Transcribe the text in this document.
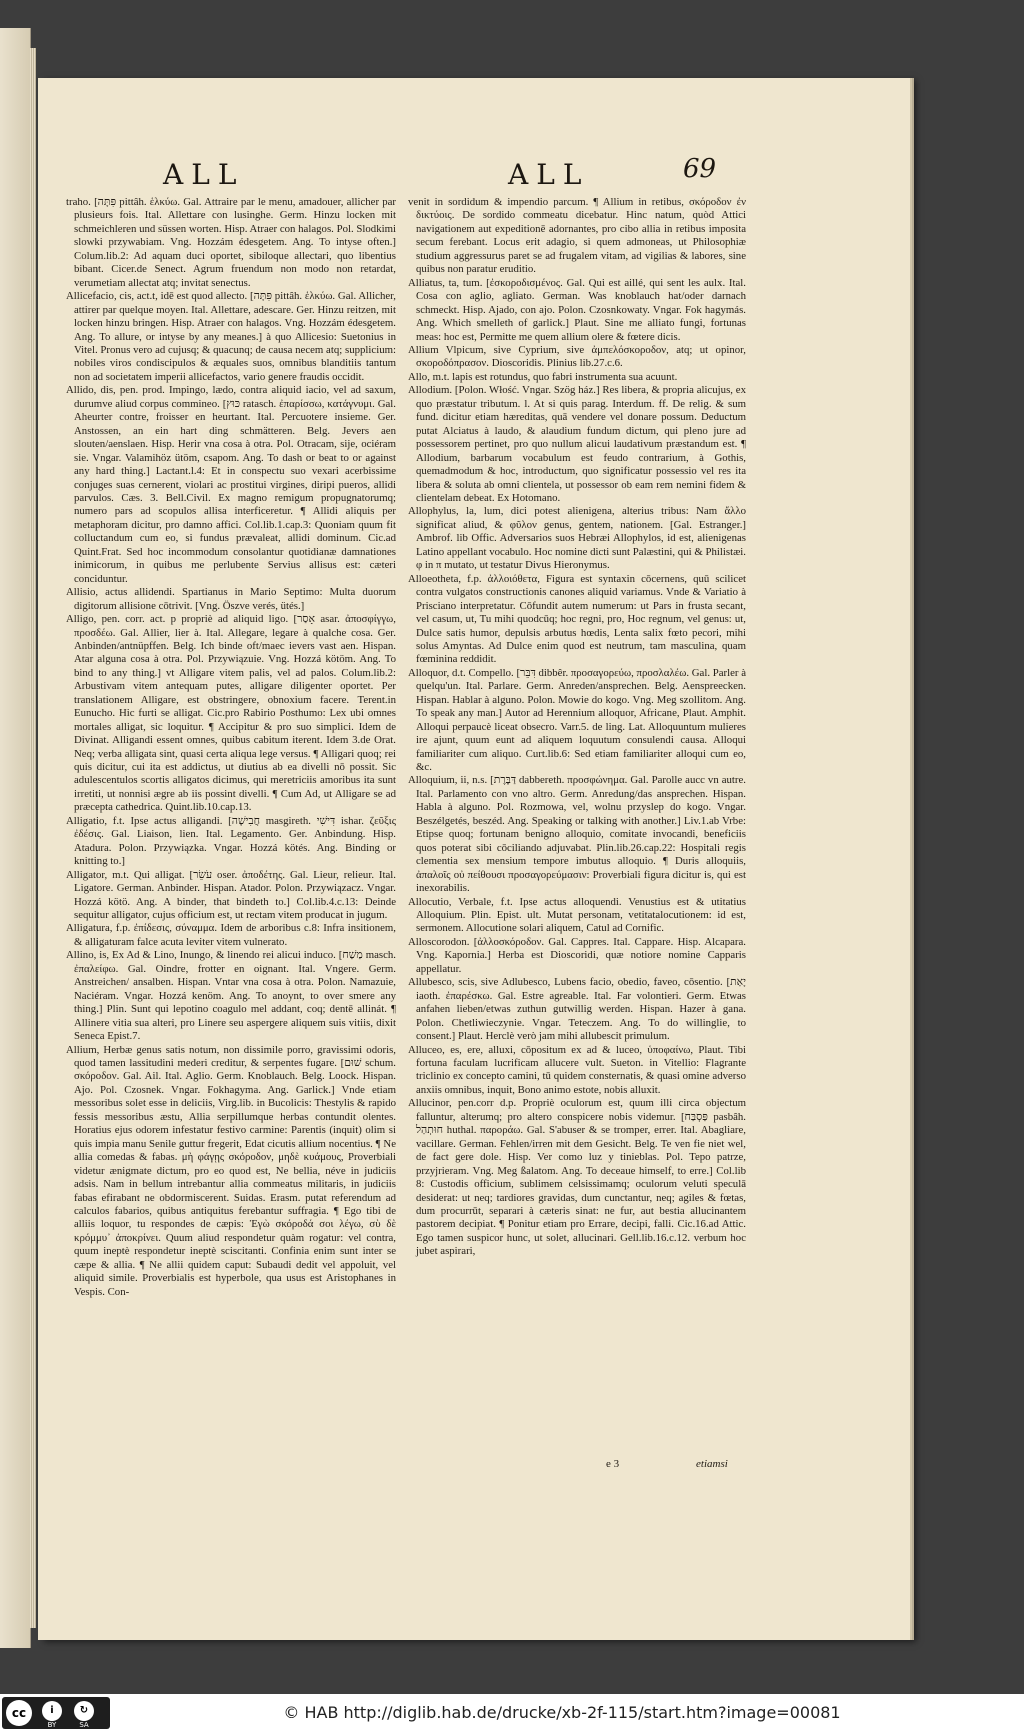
ALL	ALL	69
traho. [פִּתָּה pittâh. ἑλκύω. Gal. Attraire par le menu, amadouer, allicher par plusieurs fois. Ital. Allettare con lusinghe. Germ. Hinzu locken mit schmeichleren und süssen worten. Hisp. Atraer con halagos. Pol. Slodkimi slowki przywabiam. Vng. Hozzám édesgetem. Ang. To intyse often.] Colum.lib.2: Ad aquam duci oportet, sibiloque allectari, quo libentius bibant. Cicer.de Senect. Agrum fruendum non modo non retardat, verumetiam allectat atq; invitat senectus.
Allicefacio, cis, act.t, idē est quod allecto. [פִּתָּה pittâh. ἑλκύω. Gal. Allicher, attirer par quelque moyen. Ital. Allettare, adescare. Ger. Hinzu reitzen, mit locken hinzu bringen. Hisp. Atraer con halagos. Vng. Hozzám édesgetem. Ang. To allure, or intyse by any meanes.] à quo Allicesio: Suetonius in Vitel. Pronus vero ad cujusq; & quacunq; de causa necem atq; supplicium: nobiles viros condiscipulos & æquales suos, omnibus blanditiis tantum non ad societatem imperii allicefactos, vario genere fraudis occidit.
Allido, dis, pen. prod. Impingo, lædo, contra aliquid iacio, vel ad saxum, durumve aliud corpus commineo. [כּוּץ ratasch. ἐπαρίσσω, κατάγνυμι. Gal. Aheurter contre, froisser en heurtant. Ital. Percuotere insieme. Ger. Anstossen, an ein hart ding schmätteren. Belg. Jevers aen slouten/aenslaen. Hisp. Herir vna cosa à otra. Pol. Otracam, sije, ociéram sie. Vngar. Valamihöz ütöm, csapom. Ang. To dash or beat to or against any hard thing.] Lactant.l.4: Et in conspectu suo vexari acerbissime conjuges suas cernerent, violari ac prostitui virgines, diripi pueros, allidi parvulos. Cæs. 3. Bell.Civil. Ex magno remigum propugnatorumq; numero pars ad scopulos allisa interficeretur. ¶ Allidi aliquis per metaphoram dicitur, pro damno affici. Col.lib.1.cap.3: Quoniam quum fit colluctandum cum eo, si fundus prævaleat, allidi dominum. Cic.ad Quint.Frat. Sed hoc incommodum consolantur quotidianæ damnationes inimicorum, in quibus me perlubente Servius allisus est: cæteri conciduntur.
Allisio, actus allidendi. Spartianus in Mario Septimo: Multa duorum digitorum allisione cōtrivit. [Vng. Öszve verés, ütés.]
Alligo, pen. corr. act. p propriè ad aliquid ligo. [אָסַר asar. ἀποσφίγγω, προσδέω. Gal. Allier, lier à. Ital. Allegare, legare à qualche cosa. Ger. Anbinden/antnüpffen. Belg. Ich binde oft/maec ievers vast aen. Hispan. Atar alguna cosa à otra. Pol. Przywiązuie. Vng. Hozzá kötöm. Ang. To bind to any thing.] vt Alligare vitem palis, vel ad palos. Colum.lib.2: Arbustivam vitem antequam putes, alligare diligenter oportet. Per translationem Alligare, est obstringere, obnoxium facere. Terent.in Eunucho. Hic furti se alligat. Cic.pro Rabirio Posthumo: Lex ubi omnes mortales alligat, sic loquitur. ¶ Accipitur & pro suo simplici. Idem de Divinat. Alligandi essent omnes, quibus cabitum iterent. Idem 3.de Orat. Neq; verba alligata sint, quasi certa aliqua lege versus. ¶ Alligari quoq; rei quis dicitur, cui ita est addictus, ut diutius ab ea divelli nō possit. Sic adulescentulos scortis alligatos dicimus, qui meretriciis amoribus ita sunt irretiti, ut nonnisi ægre ab iis possint divelli. ¶ Cum Ad, ut Alligare se ad præcepta cathedrica. Quint.lib.10.cap.13.
Alligatio, f.t. Ipse actus alligandi. [חֲבִישָׁה masgireth. דִּישִׁי ishar. ζεῦξις ἐδέσις. Gal. Liaison, lien. Ital. Legamento. Ger. Anbindung. Hisp. Atadura. Polon. Przywiązka. Vngar. Hozzá kötés. Ang. Binding or knitting to.]
Alligator, m.t. Qui alligat. [עֹשֵׂר oser. ἀποδέτης. Gal. Lieur, relieur. Ital. Ligatore. German. Anbinder. Hispan. Atador. Polon. Przywiązacz. Vngar. Hozzá kötö. Ang. A binder, that bindeth to.] Col.lib.4.c.13: Deinde sequitur alligator, cujus officium est, ut rectam vitem producat in jugum.
Alligatura, f.p. ἐπίδεσις, σύναμμα. Idem de arboribus c.8: Infra insitionem, & alligaturam falce acuta leviter vitem vulnerato.
Allino, is, Ex Ad & Lino, Inungo, & linendo rei alicui induco. [מַשַׁח masch. ἐπαλείφω. Gal. Oindre, frotter en oignant. Ital. Vngere. Germ. Anstreichen/ ansalben. Hispan. Vntar vna cosa à otra. Polon. Namazuie, Naciéram. Vngar. Hozzá kenöm. Ang. To anoynt, to over smere any thing.] Plin. Sunt qui lepotino coagulo mel addant, coq; dentē allinát. ¶ Allinere vitia sua alteri, pro Linere seu aspergere aliquem suis vitiis, dixit Seneca Epist.7.
Allium, Herbæ genus satis notum, non dissimile porro, gravissimi odoris, quod tamen lassitudini mederi creditur, & serpentes fugare. [שׁוּם schum. σκόροδον. Gal. Ail. Ital. Aglio. Germ. Knoblauch. Belg. Loock. Hispan. Ajo. Pol. Czosnek. Vngar. Fokhagyma. Ang. Garlick.] Vnde etiam messoribus solet esse in deliciis, Virg.lib. in Bucolicis: Thestylis & rapido fessis messoribus æstu, Allia serpillumque herbas contundit olentes. Horatius ejus odorem infestatur festivo carmine: Parentis (inquit) olim si quis impia manu Senile guttur fregerit, Edat cicutis allium nocentius. ¶ Ne allia comedas & fabas. μὴ φάγῃς σκόροδον, μηδὲ κυάμους, Proverbiali videtur ænigmate dictum, pro eo quod est, Ne bellia, néve in judiciis adsis. Nam in bellum intrebantur allia commeatus militaris, in judiciis fabas efirabant ne obdormiscerent. Suidas. Erasm. putat referendum ad calculos fabarios, quibus antiquitus ferebantur suffragia. ¶ Ego tibi de alliis loquor, tu respondes de cæpis: Ἐγὼ σκόροδά σοι λέγω, σὺ δὲ κρόμμυ᾽ ἀποκρίνει. Quum aliud respondetur quàm rogatur: vel contra, quum ineptè respondetur ineptè sciscitanti. Confinia enim sunt inter se cæpe & allia. ¶ Ne allii quidem caput: Subaudi dedit vel appoluit, vel aliquid simile. Proverbialis est hyperbole, qua usus est Aristophanes in Vespis. Con-
venit in sordidum & impendio parcum. ¶ Allium in retibus, σκόροδον ἐν δικτύοις. De sordido commeatu dicebatur. Hinc natum, quòd Attici navigationem aut expeditionē adornantes, pro cibo allia in retibus imposita secum ferebant. Locus erit adagio, si quem admoneas, ut Philosophiæ studium aggressurus paret se ad frugalem vitam, ad vigilias & labores, sine quibus non paratur eruditio.
Alliatus, ta, tum. [ἐσκοροδισμένος. Gal. Qui est aillé, qui sent les aulx. Ital. Cosa con aglio, agliato. German. Was knoblauch hat/oder darnach schmeckt. Hisp. Ajado, con ajo. Polon. Czosnkowaty. Vngar. Fok hagymás. Ang. Which smelleth of garlick.] Plaut. Sine me alliato fungi, fortunas meas: hoc est, Permitte me quem allium olere & fœtere dicis.
Allium Vlpicum, sive Cyprium, sive ἀμπελόσκοροδον, atq; ut opinor, σκοροδόπρασον. Dioscoridis. Plinius lib.27.c.6.
Allo, m.t. lapis est rotundus, quo fabri instrumenta sua acuunt.
Allodium. [Polon. Włość. Vngar. Szög ház.] Res libera, & propria alicujus, ex quo præstatur tributum. l. At si quis parag. Interdum. ff. De relig. & sum fund. dicitur etiam hæreditas, quā vendere vel donare possum. Deductum putat Alciatus à laudo, & alaudium fundum dictum, qui pleno jure ad possessorem pertinet, pro quo nullum alicui laudativum præstandum est. ¶ Allodium, barbarum vocabulum est feudo contrarium, à Gothis, quemadmodum & hoc, introductum, quo significatur possessio vel res ita libera & soluta ab omni clientela, ut possessor ob eam rem nemini fidem & clientelam debeat. Ex Hotomano.
Allophylus, la, lum, dici potest alienigena, alterius tribus: Nam ἄλλο significat aliud, & φῦλον genus, gentem, nationem. [Gal. Estranger.] Ambrof. lib Offic. Adversarios suos Hebræi Allophylos, id est, alienigenas Latino appellant vocabulo. Hoc nomine dicti sunt Palæstini, qui & Philistæi. φ in π mutato, ut testatur Divus Hieronymus.
Alloeotheta, f.p. ἀλλοιόθετα, Figura est syntaxin cōcernens, quū scilicet contra vulgatos constructionis canones aliquid variamus. Vnde & Variatio à Prisciano interpretatur. Cōfundit autem numerum: ut Pars in frusta secant, vel casum, ut, Tu mihi quodcūq; hoc regni, pro, Hoc regnum, vel genus: ut, Dulce satis humor, depulsis arbutus hœdis, Lenta salix fœto pecori, mihi solus Amyntas. Ad Dulce enim quod est neutrum, tam masculina, quam fœminina reddidit.
Alloquor, d.t. Compello. [דִּבֵּר dibbêr. προσαγορεύω, προσλαλέω. Gal. Parler à quelqu'un. Ital. Parlare. Germ. Anreden/ansprechen. Belg. Aenspreecken. Hispan. Hablar à alguno. Polon. Mowie do kogo. Vng. Meg szollitom. Ang. To speak any man.] Autor ad Herennium alloquor, Africane, Plaut. Amphit. Alloqui perpaucè liceat obsecro. Varr.5. de ling. Lat. Alloquuntum mulieres ire ajunt, quum eunt ad aliquem loquutum consulendi causa. Alloqui familiariter cum aliquo. Curt.lib.6: Sed etiam familiariter alloqui cum eo, &c.
Alloquium, ii, n.s. [דַּבֶּרֶת dabbereth. προσφώνημα. Gal. Parolle aucc vn autre. Ital. Parlamento con vno altro. Germ. Anredung/das ansprechen. Hispan. Habla à alguno. Pol. Rozmowa, vel, wolnu przyslep do kogo. Vngar. Beszélgetés, beszéd. Ang. Speaking or talking with another.] Liv.1.ab Vrbe: Etipse quoq; fortunam benigno alloquio, comitate invocandi, beneficiis quos poterat sibi cōciliando adjuvabat. Plin.lib.26.cap.22: Hospitali regis clementia sex mensium tempore imbutus alloquio. ¶ Duris alloquiis, ἀπαλοῖς οὐ πείθουσι προσαγορεύμασιν: Proverbiali figura dicitur is, qui est inexorabilis.
Allocutio, Verbale, f.t. Ipse actus alloquendi. Venustius est & utitatius Alloquium. Plin. Epist. ult. Mutat personam, vetitatalocutionem: id est, sermonem. Allocutione solari aliquem, Catul ad Cornific.
Alloscorodon. [ἀλλοσκόροδον. Gal. Cappres. Ital. Cappare. Hisp. Alcapara. Vng. Kapornia.] Herba est Dioscoridi, quæ notiore nomine Capparis appellatur.
Allubesco, scis, sive Adlubesco, Lubens facio, obedio, faveo, cōsentio. [יָאַת iaoth. ἐπαρέσκω. Gal. Estre agreable. Ital. Far volontieri. Germ. Etwas anfahen lieben/etwas zuthun gutwillig werden. Hispan. Hazer à gana. Polon. Chetliwieczynie. Vngar. Teteczem. Ang. To do willinglie, to consent.] Plaut. Herclè verò jam mihi allubescit primulum.
Alluceo, es, ere, alluxi, cōpositum ex ad & luceo, ὑποφαίνω, Plaut. Tibi fortuna faculam lucrificam allucere vult. Sueton. in Vitellio: Flagrante triclinio ex concepto camini, tū quidem consternatis, & quasi omine adverso anxiis omnibus, inquit, Bono animo estote, nobis alluxit.
Allucinor, pen.corr d.p. Propriè oculorum est, quum illi circa objectum falluntur, alterumq; pro altero conspicere nobis videmur. [פַּסְבַּח pasbâh. חוּתְהַל huthal. παροράω. Gal. S'abuser & se tromper, errer. Ital. Abagliare, vacillare. German. Fehlen/irren mit dem Gesicht. Belg. Te ven fie niet wel, de fact gere dole. Hisp. Ver como luz y tinieblas. Pol. Tepo patrze, przyjrieram. Vng. Meg ßalatom. Ang. To deceaue himself, to erre.] Col.lib 8: Custodis officium, sublimem celsissimamq; oculorum veluti speculā desiderat: ut neq; tardiores gravidas, dum cunctantur, neq; agiles & fœtas, dum procurrūt, separari à cæteris sinat: ne fur, aut bestia allucinantem pastorem decipiat. ¶ Ponitur etiam pro Errare, decipi, falli. Cic.16.ad Attic. Ego tamen suspicor hunc, ut solet, allucinari. Gell.lib.16.c.12. verbum hoc jubet aspirari,
e 3	etiamsi
cc	i	↻
BY	SA
© HAB http://diglib.hab.de/drucke/xb-2f-115/start.htm?image=00081
